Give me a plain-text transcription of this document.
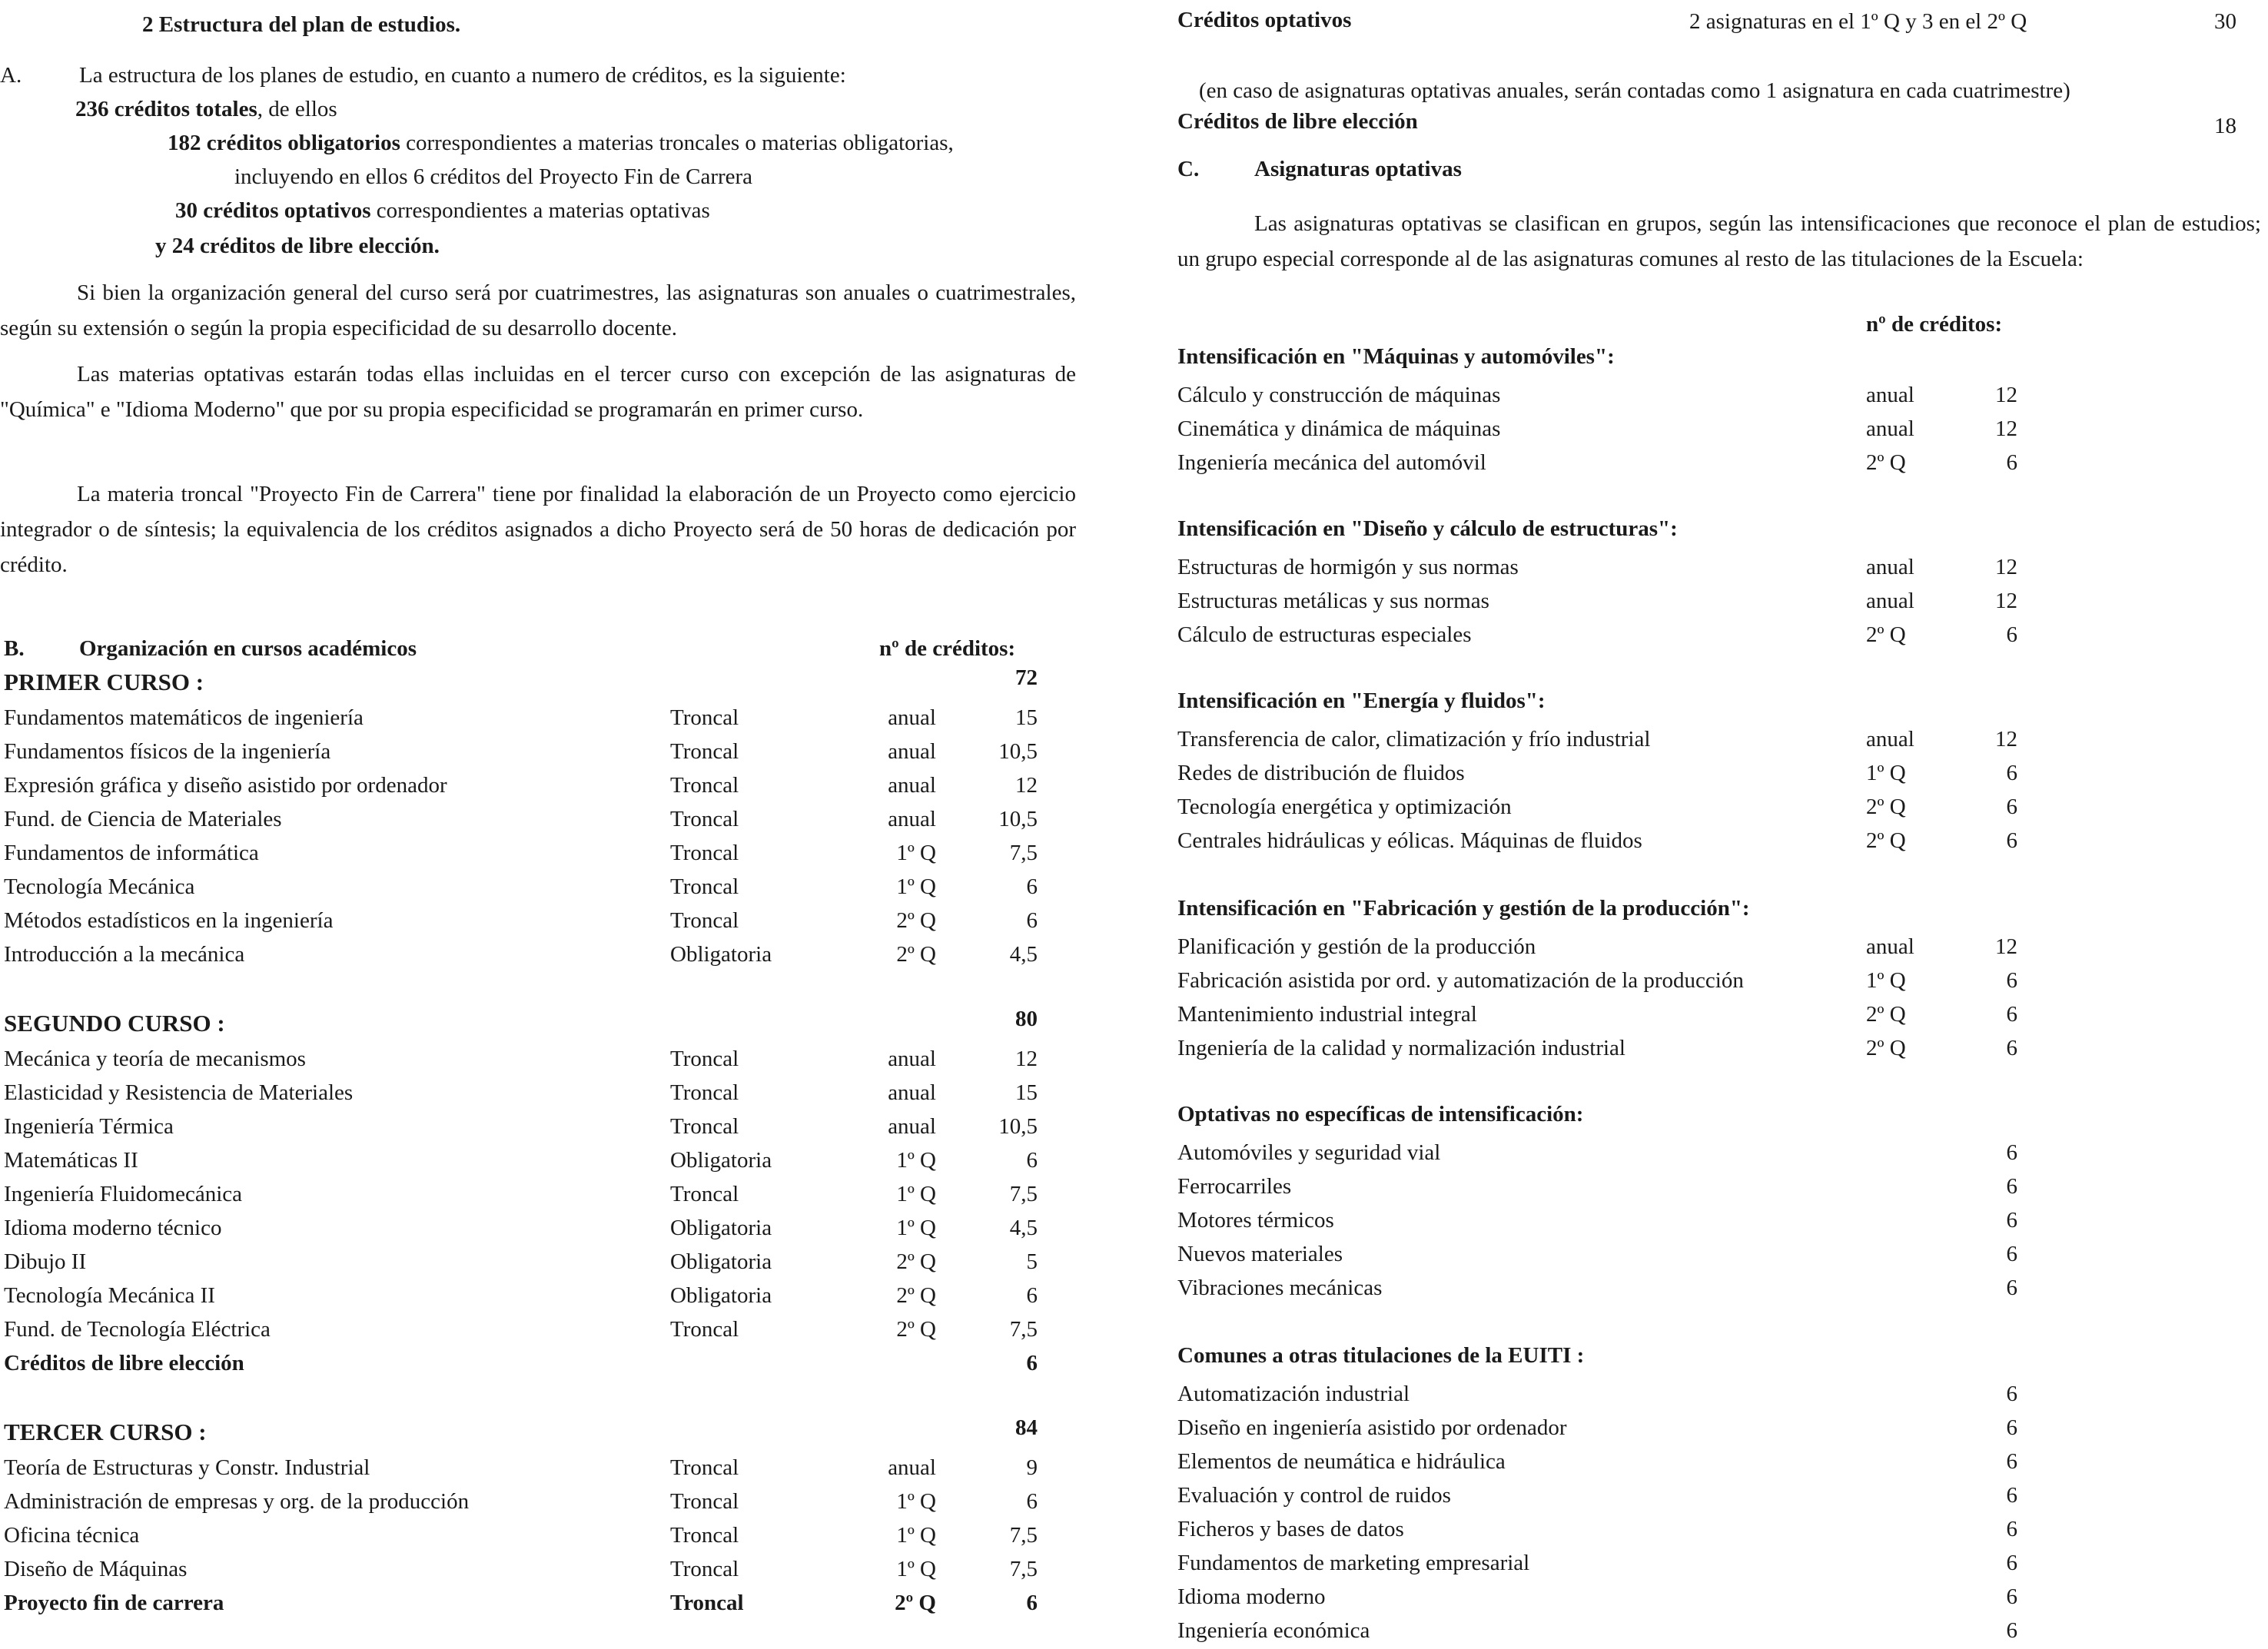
2 Estructura del plan de estudios.
A.	La estructura de los planes de estudio, en cuanto a numero de créditos, es la siguiente:
236 créditos totales, de ellos
182 créditos obligatorios correspondientes a materias troncales o materias obligatorias,
incluyendo en ellos 6 créditos del Proyecto Fin de Carrera
30 créditos optativos correspondientes a materias optativas
y 24 créditos de libre elección.
Si bien la organización general del curso será por cuatrimestres, las asignaturas son anuales o cuatrimestrales, según su extensión o según la propia especificidad de su desarrollo docente.
Las materias optativas estarán todas ellas incluidas en el tercer curso con excepción de las asignaturas de "Química" e "Idioma Moderno" que por su propia especificidad se programarán en primer curso.
La materia troncal "Proyecto Fin de Carrera" tiene por finalidad la elaboración de un Proyecto como ejercicio integrador o de síntesis; la equivalencia de los créditos asignados a dicho Proyecto será de 50 horas de dedicación por crédito.
B. Organización en cursos académicos	nº de créditos:
PRIMER CURSO :	72
Fundamentos matemáticos de ingeniería	Troncal	anual	15
Fundamentos físicos de la ingeniería	Troncal	anual	10,5
Expresión gráfica y diseño asistido por ordenador	Troncal	anual	12
Fund. de Ciencia de Materiales	Troncal	anual	10,5
Fundamentos de informática	Troncal	1º Q	7,5
Tecnología Mecánica	Troncal	1º Q	6
Métodos estadísticos en la ingeniería	Troncal	2º Q	6
Introducción a la mecánica	Obligatoria	2º Q	4,5
SEGUNDO CURSO :	80
Mecánica y teoría de mecanismos	Troncal	anual	12
Elasticidad y Resistencia de Materiales	Troncal	anual	15
Ingeniería Térmica	Troncal	anual	10,5
Matemáticas II	Obligatoria	1º Q	6
Ingeniería Fluidomecánica	Troncal	1º Q	7,5
Idioma moderno técnico	Obligatoria	1º Q	4,5
Dibujo II	Obligatoria	2º Q	5
Tecnología Mecánica II	Obligatoria	2º Q	6
Fund. de Tecnología Eléctrica	Troncal	2º Q	7,5
Créditos de libre elección	6
TERCER CURSO :	84
Teoría de Estructuras y Constr. Industrial	Troncal	anual	9
Administración de empresas y org. de la producción	Troncal	1º Q	6
Oficina técnica	Troncal	1º Q	7,5
Diseño de Máquinas	Troncal	1º Q	7,5
Proyecto fin de carrera	Troncal	2º Q	6
Créditos optativos	2 asignaturas en el 1º Q y 3 en el 2º Q	30
(en caso de asignaturas optativas anuales, serán contadas como 1 asignatura en cada cuatrimestre)
Créditos de libre elección	18
C. Asignaturas optativas
Las asignaturas optativas se clasifican en grupos, según las intensificaciones que reconoce el plan de estudios; un grupo especial corresponde al de las asignaturas comunes al resto de las titulaciones de la Escuela:
nº de créditos:
Intensificación en "Máquinas y automóviles":
Cálculo y construcción de máquinas	anual	12
Cinemática y dinámica de máquinas	anual	12
Ingeniería mecánica del automóvil	2º Q	6
Intensificación en "Diseño y cálculo de estructuras":
Estructuras de hormigón y sus normas	anual	12
Estructuras metálicas y sus normas	anual	12
Cálculo de estructuras especiales	2º Q	6
Intensificación en "Energía y fluidos":
Transferencia de calor, climatización y frío industrial	anual	12
Redes de distribución de fluidos	1º Q	6
Tecnología energética y optimización	2º Q	6
Centrales hidráulicas y eólicas. Máquinas de fluidos	2º Q	6
Intensificación en "Fabricación y gestión de la producción":
Planificación y gestión de la producción	anual	12
Fabricación asistida por ord. y automatización de la producción	1º Q	6
Mantenimiento industrial integral	2º Q	6
Ingeniería de la calidad y normalización industrial	2º Q	6
Optativas no específicas de intensificación:
Automóviles y seguridad vial	6
Ferrocarriles	6
Motores térmicos	6
Nuevos materiales	6
Vibraciones mecánicas	6
Comunes a otras titulaciones de la EUITI :
Automatización industrial	6
Diseño en ingeniería asistido por ordenador	6
Elementos de neumática e hidráulica	6
Evaluación y control de ruidos	6
Ficheros y bases de datos	6
Fundamentos de marketing empresarial	6
Idioma moderno	6
Ingeniería económica	6
